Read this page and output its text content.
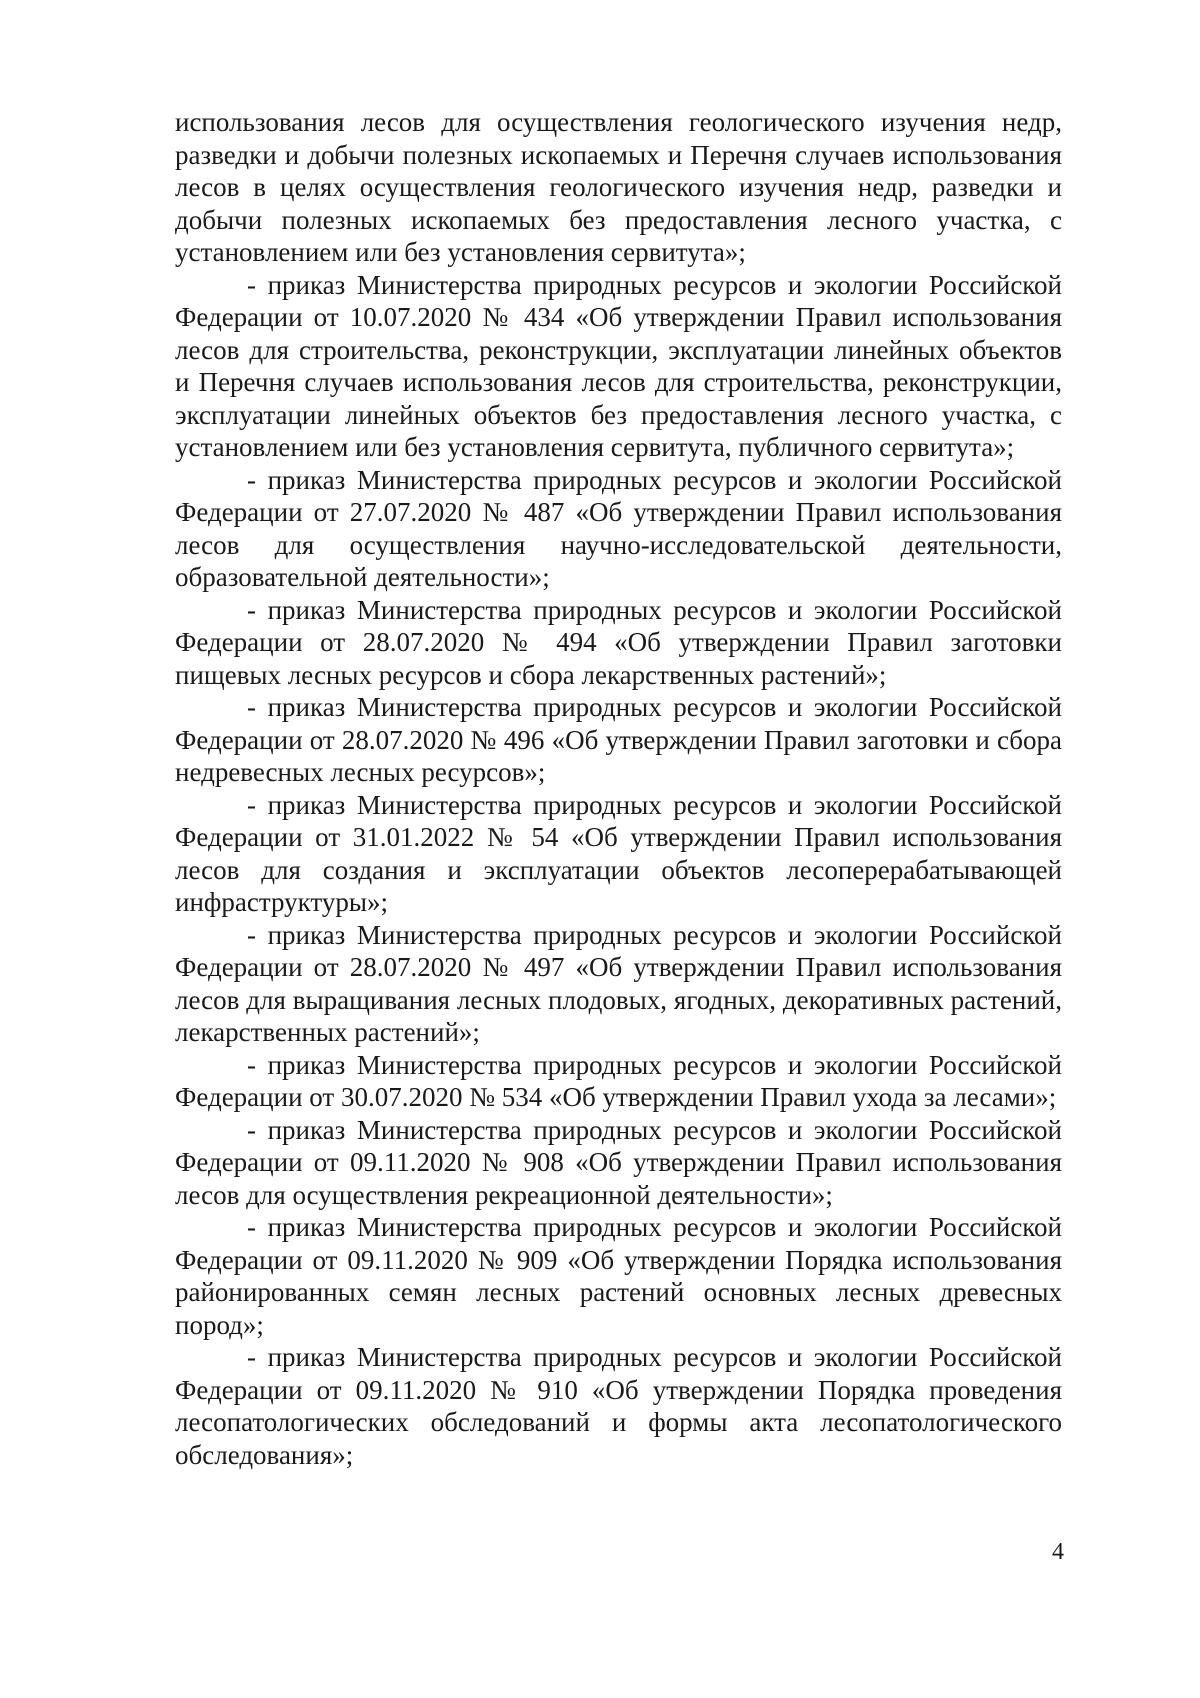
использования лесов для осуществления геологического изучения недр, разведки и добычи полезных ископаемых и Перечня случаев использования лесов в целях осуществления геологического изучения недр, разведки и добычи полезных ископаемых без предоставления лесного участка, с установлением или без установления сервитута»;

- приказ Министерства природных ресурсов и экологии Российской Федерации от 10.07.2020 № 434 «Об утверждении Правил использования лесов для строительства, реконструкции, эксплуатации линейных объектов и Перечня случаев использования лесов для строительства, реконструкции, эксплуатации линейных объектов без предоставления лесного участка, с установлением или без установления сервитута, публичного сервитута»;

- приказ Министерства природных ресурсов и экологии Российской Федерации от 27.07.2020 № 487 «Об утверждении Правил использования лесов для осуществления научно-исследовательской деятельности, образовательной деятельности»;

- приказ Министерства природных ресурсов и экологии Российской Федерации от 28.07.2020 № 494 «Об утверждении Правил заготовки пищевых лесных ресурсов и сбора лекарственных растений»;

- приказ Министерства природных ресурсов и экологии Российской Федерации от 28.07.2020 № 496 «Об утверждении Правил заготовки и сбора недревесных лесных ресурсов»;

- приказ Министерства природных ресурсов и экологии Российской Федерации от 31.01.2022 № 54 «Об утверждении Правил использования лесов для создания и эксплуатации объектов лесоперерабатывающей инфраструктуры»;

- приказ Министерства природных ресурсов и экологии Российской Федерации от 28.07.2020 № 497 «Об утверждении Правил использования лесов для выращивания лесных плодовых, ягодных, декоративных растений, лекарственных растений»;

- приказ Министерства природных ресурсов и экологии Российской Федерации от 30.07.2020 № 534 «Об утверждении Правил ухода за лесами»;

- приказ Министерства природных ресурсов и экологии Российской Федерации от 09.11.2020 № 908 «Об утверждении Правил использования лесов для осуществления рекреационной деятельности»;

- приказ Министерства природных ресурсов и экологии Российской Федерации от 09.11.2020 № 909 «Об утверждении Порядка использования районированных семян лесных растений основных лесных древесных пород»;

- приказ Министерства природных ресурсов и экологии Российской Федерации от 09.11.2020 № 910 «Об утверждении Порядка проведения лесопатологических обследований и формы акта лесопатологического обследования»;

4
